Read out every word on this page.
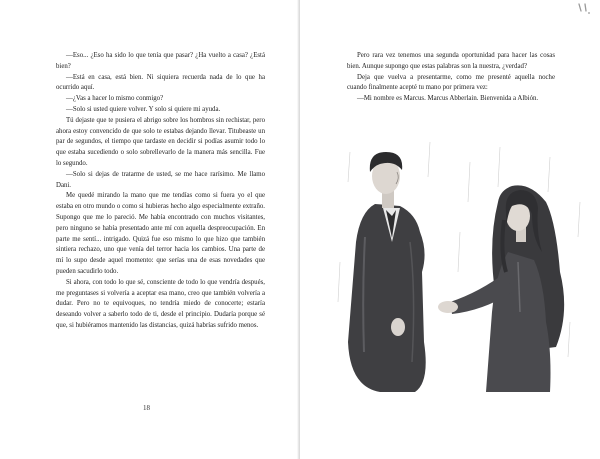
—Eso... ¿Eso ha sido lo que tenía que pasar? ¿Ha vuelto a casa? ¿Está bien?

—Está en casa, está bien. Ni siquiera recuerda nada de lo que ha ocurrido aquí.

—¿Vas a hacer lo mismo conmigo?

—Solo si usted quiere volver. Y solo si quiere mi ayuda.

Tú dejaste que te pusiera el abrigo sobre los hombros sin rechistar, pero ahora estoy convencido de que solo te estabas dejando llevar. Titubeaste un par de segundos, el tiempo que tardaste en decidir si podías asumir todo lo que estaba sucediendo o solo sobrellevarlo de la manera más sencilla. Fue lo segundo.

—Solo si dejas de tratarme de usted, se me hace rarísimo. Me llamo Dani.

Me quedé mirando la mano que me tendías como si fuera yo el que estaba en otro mundo o como si hubieras hecho algo especialmente extraño. Supongo que me lo pareció. Me había encontrado con muchos visitantes, pero ninguno se había presentado ante mí con aquella despreocupación. En parte me sentí... intrigado. Quizá fue eso mismo lo que hizo que también sintiera rechazo, uno que venía del terror hacia los cambios. Una parte de mí lo supo desde aquel momento: que serías una de esas novedades que pueden sacudirlo todo.

Si ahora, con todo lo que sé, consciente de todo lo que vendría después, me preguntases si volvería a aceptar esa mano, creo que también volvería a dudar. Pero no te equivoques, no tendría miedo de conocerte; estaría deseando volver a saberlo todo de ti, desde el principio. Dudaría porque sé que, si hubiéramos mantenido las distancias, quizá habrías sufrido menos.

18

Pero rara vez tenemos una segunda oportunidad para hacer las cosas bien. Aunque supongo que estas palabras son la nuestra, ¿verdad?

Deja que vuelva a presentarme, como me presenté aquella noche cuando finalmente acepté tu mano por primera vez:

—Mi nombre es Marcus. Marcus Abberlain. Bienvenida a Albión.
